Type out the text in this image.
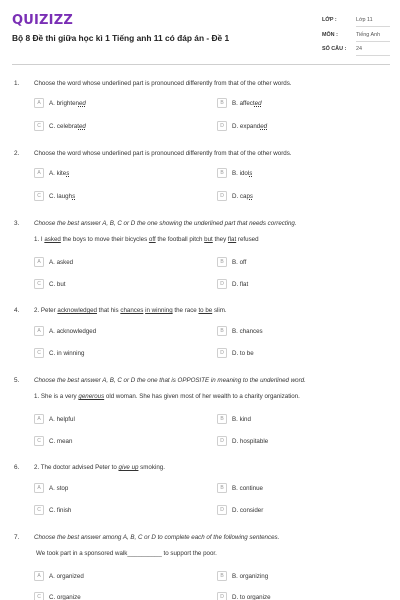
QUIZIZZ
Bộ 8 Đề thi giữa học kì 1 Tiếng anh 11 có đáp án - Đề 1
LỚP :	Lớp 11
MÔN :	Tiếng Anh
SỐ CÂU : 24
1. Choose the word whose underlined part is pronounced differently from that of the other words.
A	A. brightened	B	B. affected
C	C. celebrated	D	D. expanded
2. Choose the word whose underlined part is pronounced differently from that of the other words.
A	A. kites	B	B. idols
C	C. laughs	D	D. caps
3. Choose the best answer A, B, C or D the one showing the underlined part that needs correcting.
1. I asked the boys to move their bicycles off the football pitch but they flat refused
A	A. asked	B	B. off
C	C. but	D	D. flat
4. 2. Peter acknowledged that his chances in winning the race to be slim.
A	A. acknowledged	B	B. chances
C	C. in winning	D	D. to be
5. Choose the best answer A, B, C or D the one that is OPPOSITE in meaning to the underlined word.
1. She is a very generous old woman. She has given most of her wealth to a charity organization.
A	A. helpful	B	B. kind
C	C. mean	D	D. hospitable
6. 2. The doctor advised Peter to give up smoking.
A	A. stop	B	B. continue
C	C. finish	D	D. consider
7. Choose the best answer among A, B, C or D to complete each of the following sentences.
We took part in a sponsored walk__________ to support the poor.
A	A. organized	B	B. organizing
C	C. organize	D	D. to organize
